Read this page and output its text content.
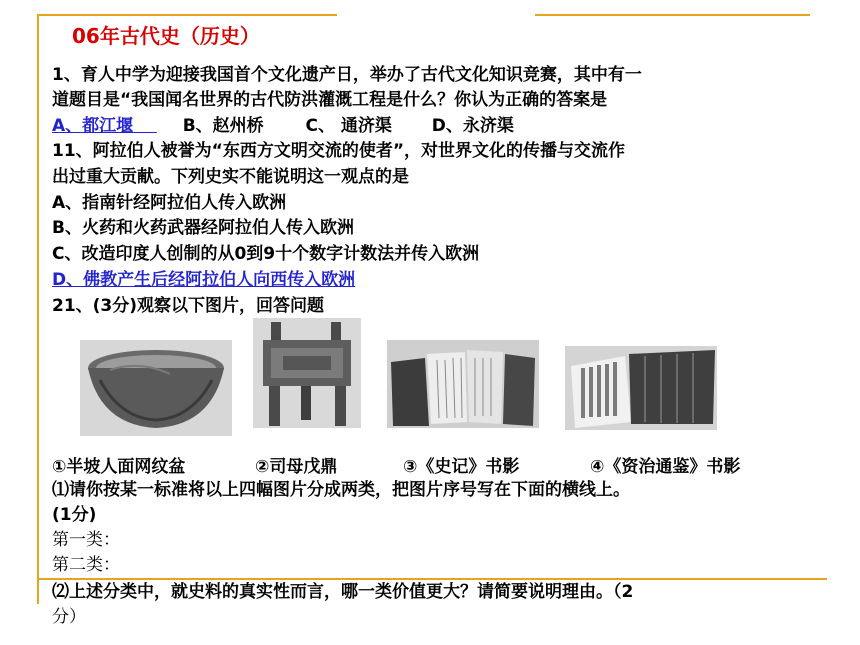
06年古代史（历史）
1、育人中学为迎接我国首个文化遗产日，举办了古代文化知识竞赛，其中有一
道题目是“我国闻名世界的古代防洪灌溉工程是什么？你认为正确的答案是
A、都江堰	B、赵州桥 C、 通济渠 D、永济渠
11、阿拉伯人被誉为“东西方文明交流的使者”，对世界文化的传播与交流作
出过重大贡献。下列史实不能说明这一观点的是
A、指南针经阿拉伯人传入欧洲
B、火药和火药武器经阿拉伯人传入欧洲
C、改造印度人创制的从0到9十个数字计数法并传入欧洲
D、佛教产生后经阿拉伯人向西传入欧洲
21、(3分)观察以下图片，回答问题
①半坡人面网纹盆	②司母戊鼎	③《史记》书影	④《资治通鉴》书影
⑴请你按某一标准将以上四幅图片分成两类，把图片序号写在下面的横线上。
(1分)
第一类：
第二类：
⑵上述分类中，就史料的真实性而言，哪一类价值更大？请简要说明理由。（2
分）
